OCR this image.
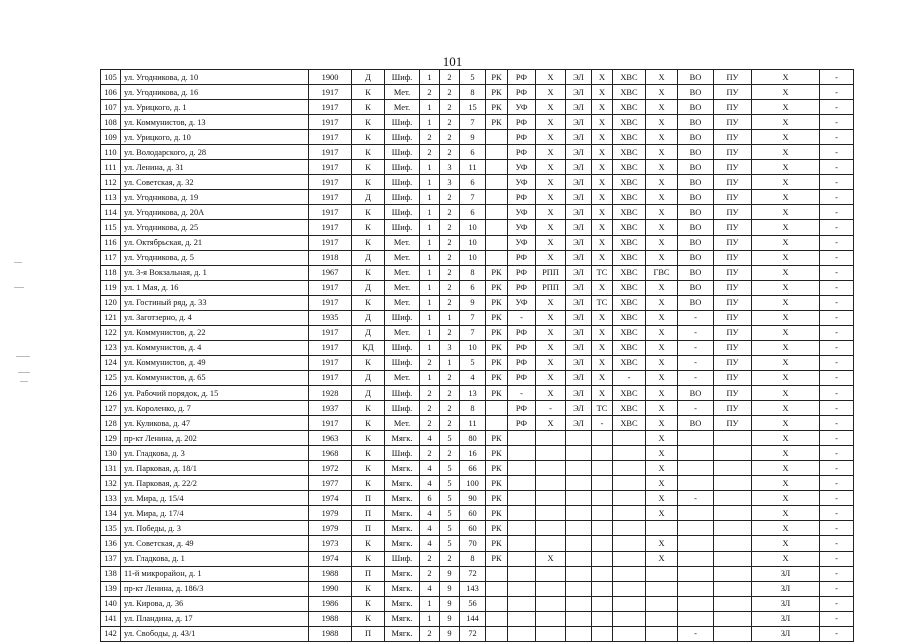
101
105	ул. Угодникова, д. 10	1900	Д	Шиф.	1	2	5	РК	РФ	Х	ЭЛ	Х	ХВС	Х	ВО	ПУ	Х	-
106	ул. Угодникова, д. 16	1917	К	Мет.	2	2	8	РК	РФ	Х	ЭЛ	Х	ХВС	Х	ВО	ПУ	Х	-
107	ул. Урицкого, д. 1	1917	К	Мет.	1	2	15	РК	УФ	Х	ЭЛ	Х	ХВС	Х	ВО	ПУ	Х	-
108	ул. Коммунистов, д. 13	1917	К	Шиф.	1	2	7	РК	РФ	Х	ЭЛ	Х	ХВС	Х	ВО	ПУ	Х	-
109	ул. Урицкого, д. 10	1917	К	Шиф.	2	2	9		РФ	Х	ЭЛ	Х	ХВС	Х	ВО	ПУ	Х	-
110	ул. Володарского, д. 28	1917	К	Шиф.	2	2	6		РФ	Х	ЭЛ	Х	ХВС	Х	ВО	ПУ	Х	-
111	ул. Ленина, д. 31	1917	К	Шиф.	1	3	11		УФ	Х	ЭЛ	Х	ХВС	Х	ВО	ПУ	Х	-
112	ул. Советская, д. 32	1917	К	Шиф.	1	3	6		УФ	Х	ЭЛ	Х	ХВС	Х	ВО	ПУ	Х	-
113	ул. Угодникова, д. 19	1917	Д	Шиф.	1	2	7		РФ	Х	ЭЛ	Х	ХВС	Х	ВО	ПУ	Х	-
114	ул. Угодникова, д. 20А	1917	К	Шиф.	1	2	6		УФ	Х	ЭЛ	Х	ХВС	Х	ВО	ПУ	Х	-
115	ул. Угодникова, д. 25	1917	К	Шиф.	1	2	10		УФ	Х	ЭЛ	Х	ХВС	Х	ВО	ПУ	Х	-
116	ул. Октябрьская, д. 21	1917	К	Мет.	1	2	10		УФ	Х	ЭЛ	Х	ХВС	Х	ВО	ПУ	Х	-
117	ул. Угодникова, д. 5	1918	Д	Мет.	1	2	10		РФ	Х	ЭЛ	Х	ХВС	Х	ВО	ПУ	Х	-
118	ул. 3-я Вокзальная, д. 1	1967	К	Мет.	1	2	8	РК	РФ	РПП	ЭЛ	ТС	ХВС	ГВС	ВО	ПУ	Х	-
119	ул. 1 Мая, д. 16	1917	Д	Мет.	1	2	6	РК	РФ	РПП	ЭЛ	Х	ХВС	Х	ВО	ПУ	Х	-
120	ул. Гостиный ряд, д. 33	1917	К	Мет.	1	2	9	РК	УФ	Х	ЭЛ	ТС	ХВС	Х	ВО	ПУ	Х	-
121	ул. Заготзерно, д. 4	1935	Д	Шиф.	1	1	7	РК	-	Х	ЭЛ	Х	ХВС	Х	-	ПУ	Х	-
122	ул. Коммунистов, д. 22	1917	Д	Мет.	1	2	7	РК	РФ	Х	ЭЛ	Х	ХВС	Х	-	ПУ	Х	-
123	ул. Коммунистов, д. 4	1917	КД	Шиф.	1	3	10	РК	РФ	Х	ЭЛ	Х	ХВС	Х	-	ПУ	Х	-
124	ул. Коммунистов, д. 49	1917	К	Шиф.	2	1	5	РК	РФ	Х	ЭЛ	Х	ХВС	Х	-	ПУ	Х	-
125	ул. Коммунистов, д. 65	1917	Д	Мет.	1	2	4	РК	РФ	Х	ЭЛ	Х	-	Х	-	ПУ	Х	-
126	ул. Рабочий порядок, д. 15	1928	Д	Шиф.	2	2	13	РК	-	Х	ЭЛ	Х	ХВС	Х	ВО	ПУ	Х	-
127	ул. Короленко, д. 7	1937	К	Шиф.	2	2	8		РФ	-	ЭЛ	ТС	ХВС	Х	-	ПУ	Х	-
128	ул. Куликова, д. 47	1917	К	Мет.	2	2	11		РФ	Х	ЭЛ	-	ХВС	Х	ВО	ПУ	Х	-
129	пр-кт Ленина, д. 202	1963	К	Мягк.	4	5	80	РК						Х			Х	-
130	ул. Гладкова, д. 3	1968	К	Шиф.	2	2	16	РК						Х			Х	-
131	ул. Парковая, д. 18/1	1972	К	Мягк.	4	5	66	РК						Х			Х	-
132	ул. Парковая, д. 22/2	1977	К	Мягк.	4	5	100	РК						Х			Х	-
133	ул. Мира, д. 15/4	1974	П	Мягк.	6	5	90	РК						Х	-		Х	-
134	ул. Мира, д. 17/4	1979	П	Мягк.	4	5	60	РК						Х			Х	-
135	ул. Победы, д. 3	1979	П	Мягк.	4	5	60	РК									Х	-
136	ул. Советская, д. 49	1973	К	Мягк.	4	5	70	РК						Х			Х	-
137	ул. Гладкова, д. 1	1974	К	Шиф.	2	2	8	РК		Х				Х			Х	-
138	11-й микрорайон, д. 1	1988	П	Мягк.	2	9	72										ЗЛ	-
139	пр-кт Ленина, д. 186/3	1990	К	Мягк.	4	9	143										ЗЛ	-
140	ул. Кирова, д. 36	1986	К	Мягк.	1	9	56										ЗЛ	-
141	ул. Пландина, д. 17	1988	К	Мягк.	1	9	144										ЗЛ	-
142	ул. Свободы, д. 43/1	1988	П	Мягк.	2	9	72								-		ЗЛ	-
